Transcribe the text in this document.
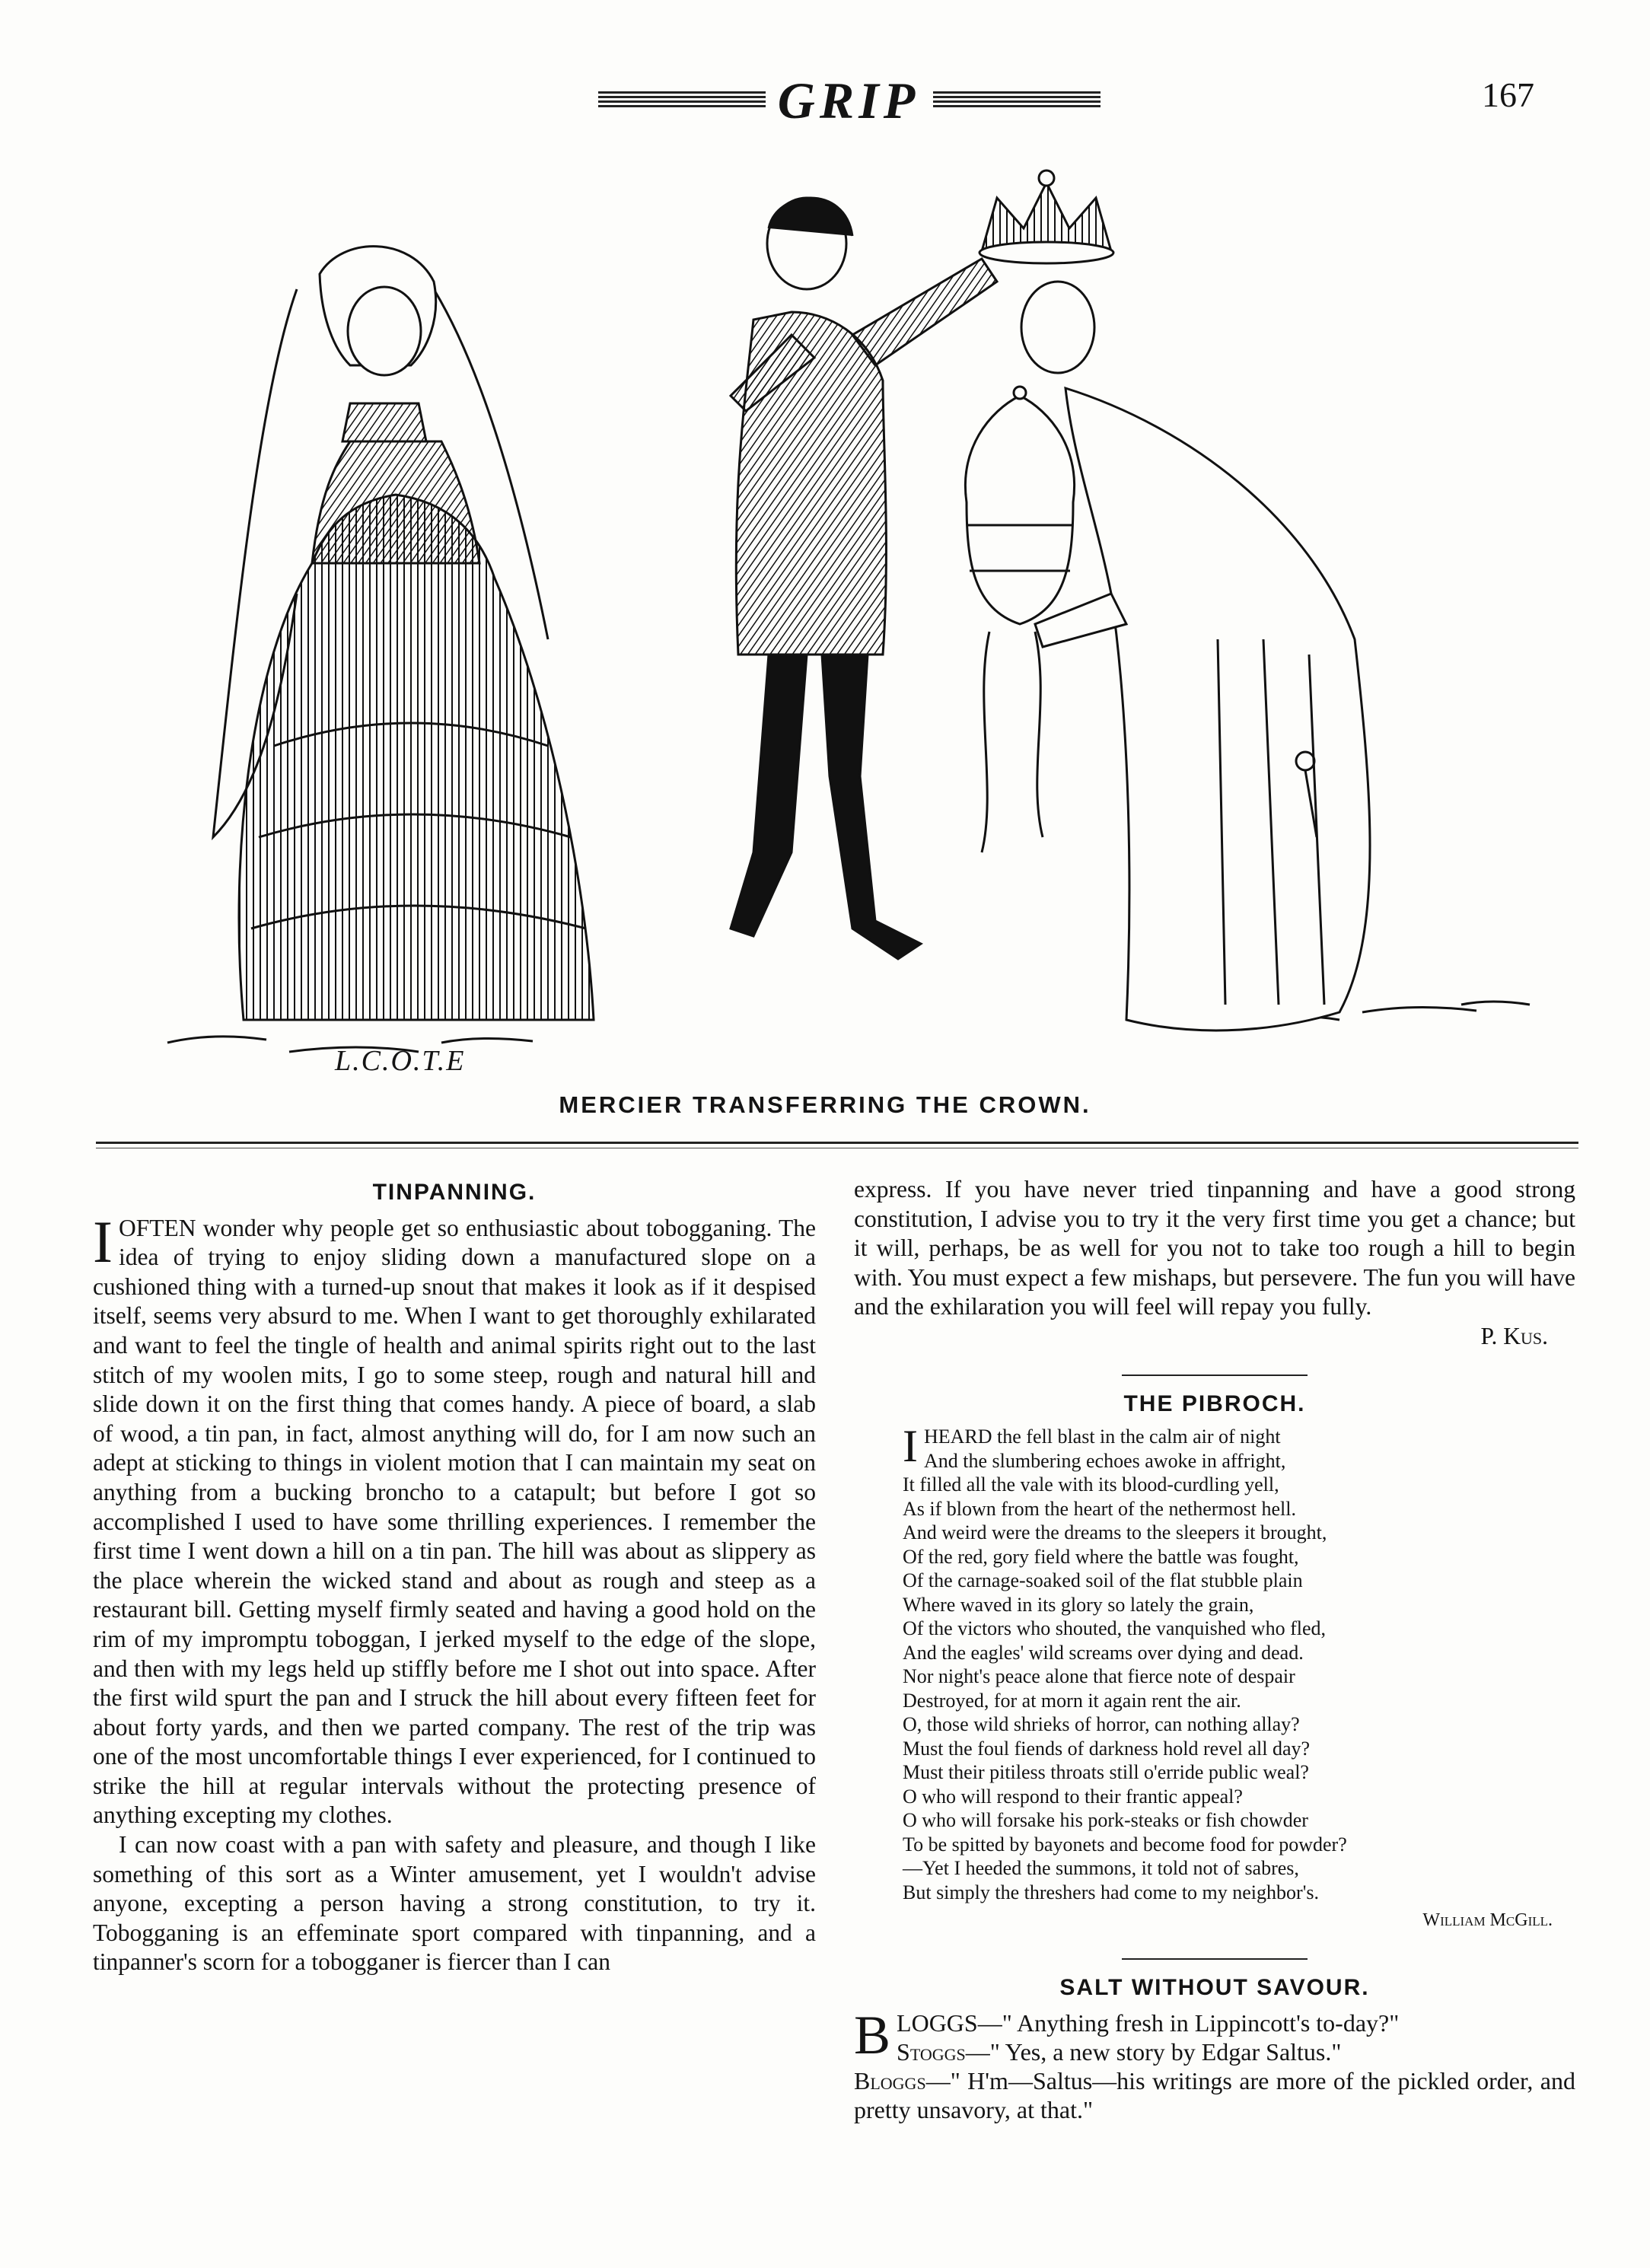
GRIP	167
L.C.O.T.E
MERCIER TRANSFERRING THE CROWN.
TINPANNING.

IOFTEN wonder why people get so enthusiastic about tobogganing. The idea of trying to enjoy sliding down a manufactured slope on a cushioned thing with a turned-up snout that makes it look as if it despised itself, seems very absurd to me. When I want to get thoroughly exhilarated and want to feel the tingle of health and animal spirits right out to the last stitch of my woolen mits, I go to some steep, rough and natural hill and slide down it on the first thing that comes handy. A piece of board, a slab of wood, a tin pan, in fact, almost anything will do, for I am now such an adept at sticking to things in violent motion that I can maintain my seat on anything from a bucking broncho to a catapult; but before I got so accomplished I used to have some thrilling experiences. I remember the first time I went down a hill on a tin pan. The hill was about as slippery as the place wherein the wicked stand and about as rough and steep as a restaurant bill. Getting myself firmly seated and having a good hold on the rim of my impromptu toboggan, I jerked myself to the edge of the slope, and then with my legs held up stiffly before me I shot out into space. After the first wild spurt the pan and I struck the hill about every fifteen feet for about forty yards, and then we parted company. The rest of the trip was one of the most uncomfortable things I ever experienced, for I continued to strike the hill at regular intervals without the protecting presence of anything excepting my clothes.

I can now coast with a pan with safety and pleasure, and though I like something of this sort as a Winter amusement, yet I wouldn't advise anyone, excepting a person having a strong constitution, to try it. Tobogganing is an effeminate sport compared with tinpanning, and a tinpanner's scorn for a tobogganer is fiercer than I can

express. If you have never tried tinpanning and have a good strong constitution, I advise you to try it the very first time you get a chance; but it will, perhaps, be as well for you not to take too rough a hill to begin with. You must expect a few mishaps, but persevere. The fun you will have and the exhilaration you will feel will repay you fully.

P. Kus.
THE PIBROCH.
I HEARD the fell blast in the calm air of night
And the slumbering echoes awoke in affright,
It filled all the vale with its blood-curdling yell,
As if blown from the heart of the nethermost hell.
And weird were the dreams to the sleepers it brought,
Of the red, gory field where the battle was fought,
Of the carnage-soaked soil of the flat stubble plain
Where waved in its glory so lately the grain,
Of the victors who shouted, the vanquished who fled,
And the eagles' wild screams over dying and dead.
Nor night's peace alone that fierce note of despair
Destroyed, for at morn it again rent the air.
O, those wild shrieks of horror, can nothing allay?
Must the foul fiends of darkness hold revel all day?
Must their pitiless throats still o'erride public weal?
O who will respond to their frantic appeal?
O who will forsake his pork-steaks or fish chowder
To be spitted by bayonets and become food for powder?
—Yet I heeded the summons, it told not of sabres,
But simply the threshers had come to my neighbor's.
William McGill.
SALT WITHOUT SAVOUR.

BLOGGS—" Anything fresh in Lippincott's to-day?"

Stoggs—" Yes, a new story by Edgar Saltus."

Bloggs—" H'm—Saltus—his writings are more of the pickled order, and pretty unsavory, at that."
